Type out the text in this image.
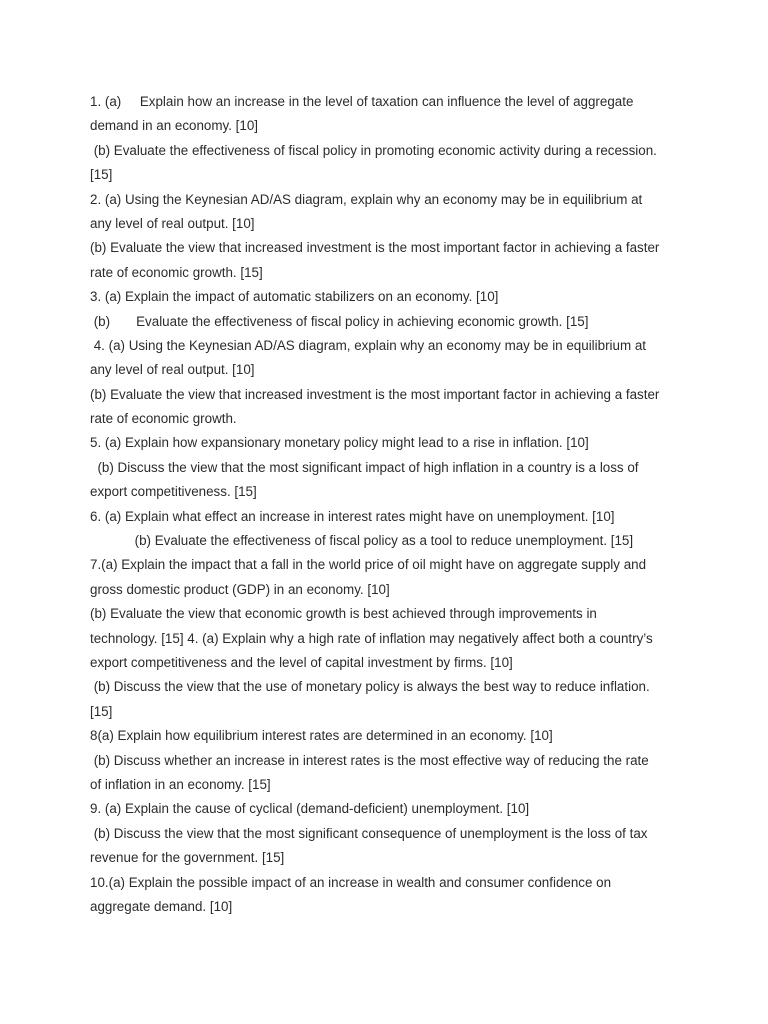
1. (a)     Explain how an increase in the level of taxation can influence the level of aggregate
demand in an economy. [10]
(b) Evaluate the effectiveness of fiscal policy in promoting economic activity during a recession.
[15]
2. (a) Using the Keynesian AD/AS diagram, explain why an economy may be in equilibrium at
any level of real output. [10]
(b) Evaluate the view that increased investment is the most important factor in achieving a faster
rate of economic growth. [15]
3. (a) Explain the impact of automatic stabilizers on an economy. [10]
(b)       Evaluate the effectiveness of fiscal policy in achieving economic growth. [15]
4. (a) Using the Keynesian AD/AS diagram, explain why an economy may be in equilibrium at
any level of real output. [10]
(b) Evaluate the view that increased investment is the most important factor in achieving a faster
rate of economic growth.
5. (a) Explain how expansionary monetary policy might lead to a rise in inflation. [10]
(b) Discuss the view that the most significant impact of high inflation in a country is a loss of
export competitiveness. [15]
6. (a) Explain what effect an increase in interest rates might have on unemployment. [10]
(b) Evaluate the effectiveness of fiscal policy as a tool to reduce unemployment. [15]
7.(a) Explain the impact that a fall in the world price of oil might have on aggregate supply and
gross domestic product (GDP) in an economy. [10]
(b) Evaluate the view that economic growth is best achieved through improvements in
technology. [15] 4. (a) Explain why a high rate of inflation may negatively affect both a country’s
export competitiveness and the level of capital investment by firms. [10]
(b) Discuss the view that the use of monetary policy is always the best way to reduce inflation.
[15]
8(a) Explain how equilibrium interest rates are determined in an economy. [10]
(b) Discuss whether an increase in interest rates is the most effective way of reducing the rate
of inflation in an economy. [15]
9. (a) Explain the cause of cyclical (demand-deficient) unemployment. [10]
(b) Discuss the view that the most significant consequence of unemployment is the loss of tax
revenue for the government. [15]
10.(a) Explain the possible impact of an increase in wealth and consumer confidence on
aggregate demand. [10]
